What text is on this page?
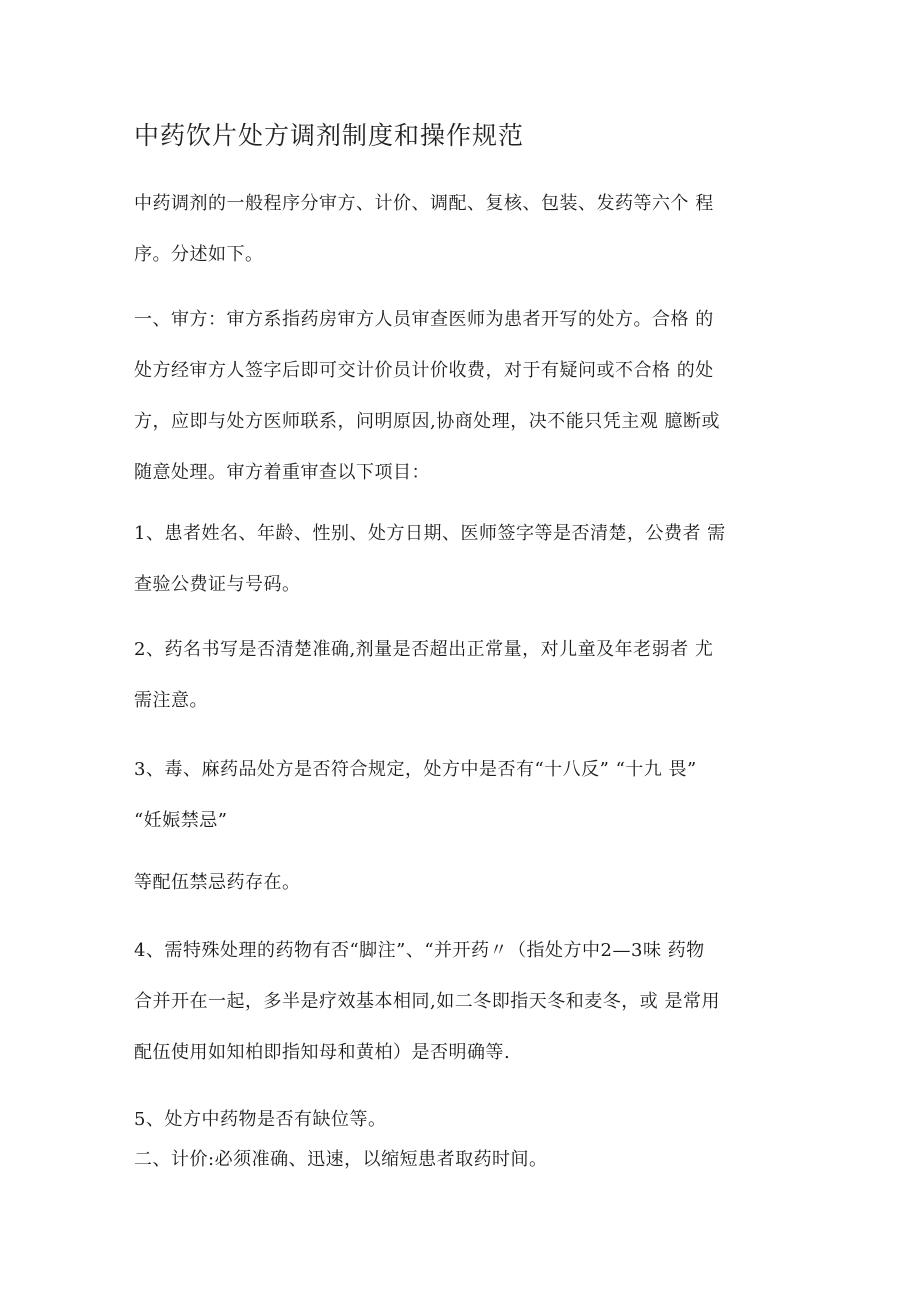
中药饮片处方调剂制度和操作规范
中药调剂的一般程序分审方、计价、调配、复核、包装、发药等六个 程
序。分述如下。
一、审方：审方系指药房审方人员审查医师为患者开写的处方。合格 的
处方经审方人签字后即可交计价员计价收费，对于有疑问或不合格 的处
方，应即与处方医师联系，问明原因,协商处理，决不能只凭主观 臆断或
随意处理。审方着重审查以下项目：
1、患者姓名、年龄、性别、处方日期、医师签字等是否清楚，公费者 需
查验公费证与号码。
2、药名书写是否清楚准确,剂量是否超出正常量，对儿童及年老弱者 尤
需注意。
3、毒、麻药品处方是否符合规定，处方中是否有“十八反” “十九 畏”
“妊娠禁忌”
等配伍禁忌药存在。
4、需特殊处理的药物有否“脚注”、“并开药〃（指处方中2—3味 药物
合并开在一起，多半是疗效基本相同,如二冬即指天冬和麦冬，或 是常用
配伍使用如知柏即指知母和黄柏）是否明确等.
5、处方中药物是否有缺位等。
二、计价:必须准确、迅速，以缩短患者取药时间。
